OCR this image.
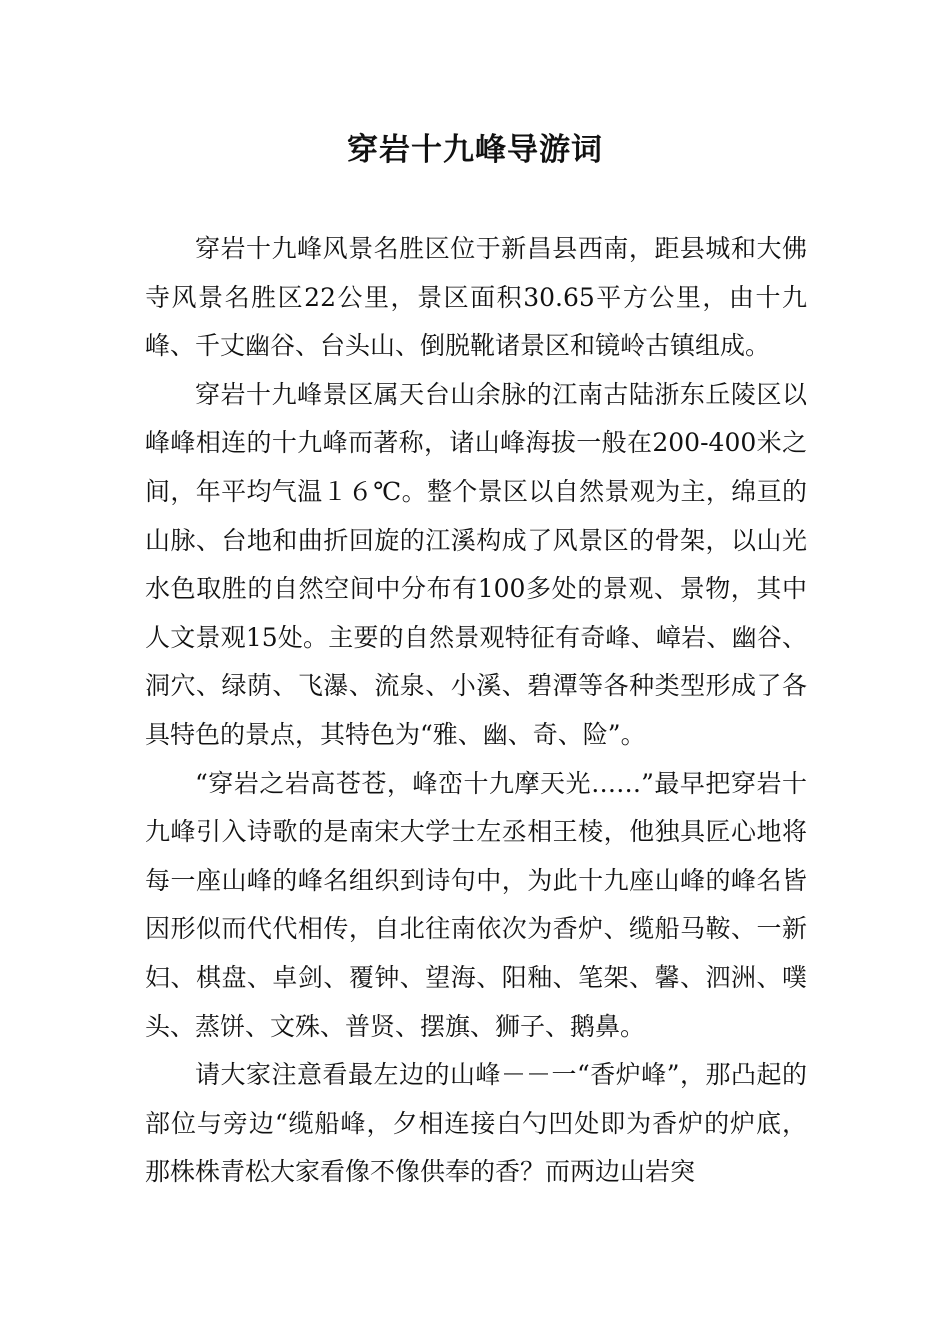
穿岩十九峰导游词

穿岩十九峰风景名胜区位于新昌县西南，距县城和大佛寺风景名胜区22公里，景区面积30.65平方公里，由十九峰、千丈幽谷、台头山、倒脱靴诸景区和镜岭古镇组成。

穿岩十九峰景区属天台山余脉的江南古陆浙东丘陵区以峰峰相连的十九峰而著称，诸山峰海拔一般在200-400米之间，年平均气温１６℃。整个景区以自然景观为主，绵亘的山脉、台地和曲折回旋的江溪构成了风景区的骨架，以山光水色取胜的自然空间中分布有100多处的景观、景物，其中人文景观15处。主要的自然景观特征有奇峰、嶂岩、幽谷、洞穴、绿荫、飞瀑、流泉、小溪、碧潭等各种类型形成了各具特色的景点，其特色为“雅、幽、奇、险”。

“穿岩之岩高苍苍，峰峦十九摩天光……”最早把穿岩十九峰引入诗歌的是南宋大学士左丞相王棱，他独具匠心地将每一座山峰的峰名组织到诗句中，为此十九座山峰的峰名皆因形似而代代相传，自北往南依次为香炉、缆船马鞍、一新妇、棋盘、卓剑、覆钟、望海、阳釉、笔架、馨、泗洲、噗头、蒸饼、文殊、普贤、摆旗、狮子、鹅鼻。

请大家注意看最左边的山峰－－一“香炉峰”，那凸起的部位与旁边“缆船峰，夕相连接白勺凹处即为香炉的炉底，那株株青松大家看像不像供奉的香？而两边山岩突
